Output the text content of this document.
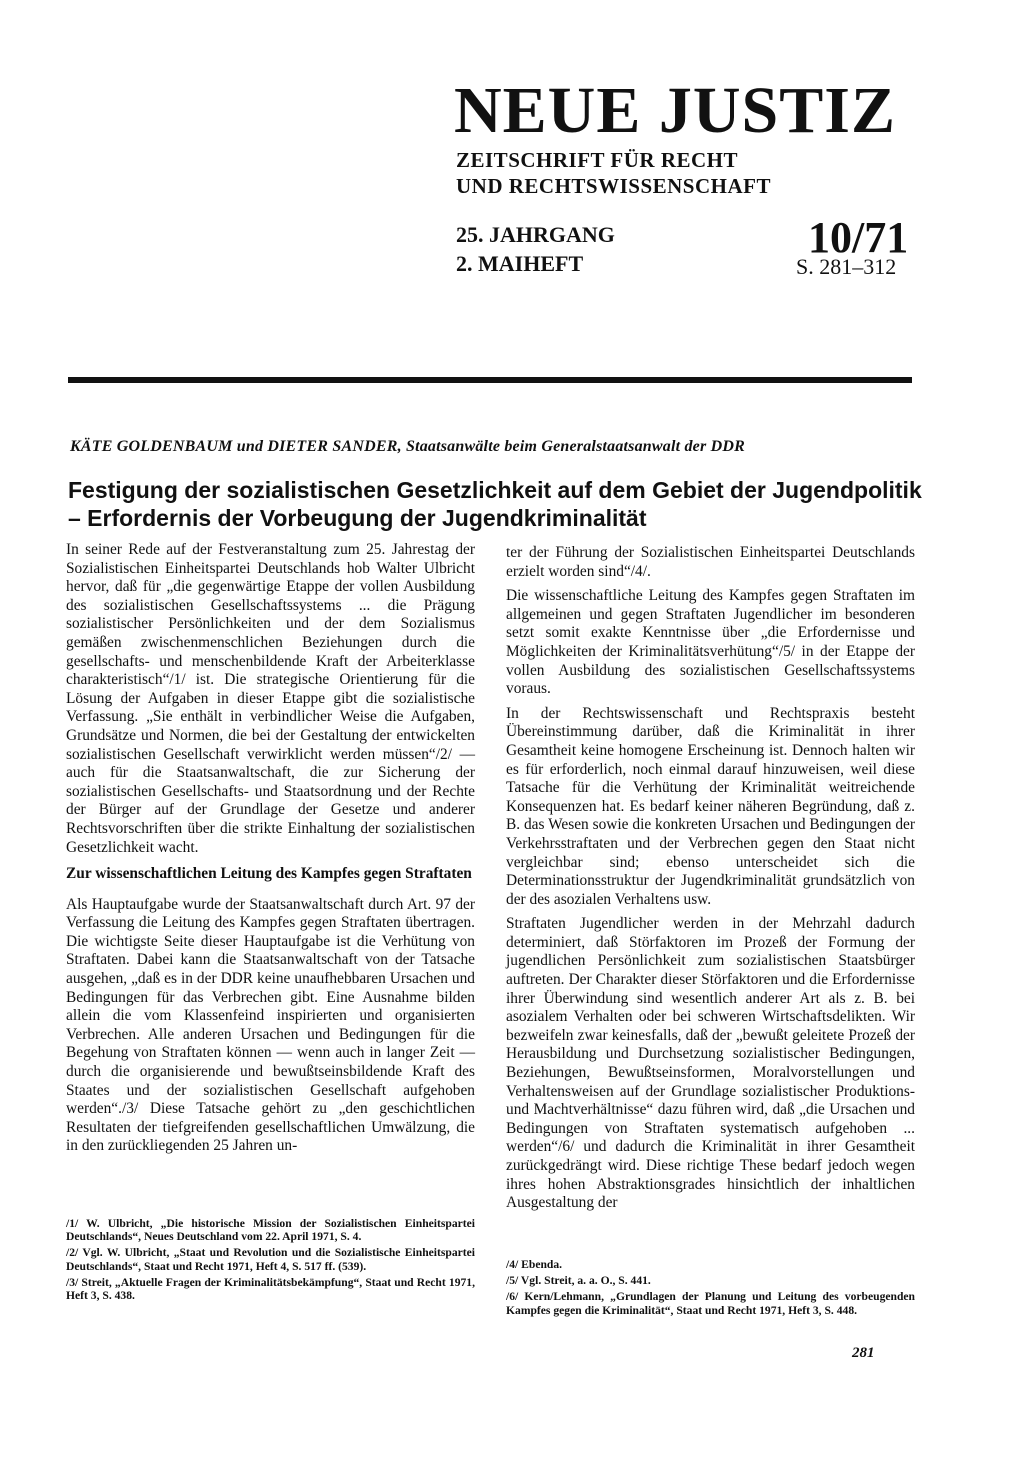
NEUE JUSTIZ
ZEITSCHRIFT FÜR RECHT
UND RECHTSWISSENSCHAFT
25. JAHRGANG
2. MAIHEFT
10/71
S. 281–312
KÄTE GOLDENBAUM und DIETER SANDER, Staatsanwälte beim Generalstaatsanwalt der DDR
Festigung der sozialistischen Gesetzlichkeit auf dem Gebiet der Jugendpolitik – Erfordernis der Vorbeugung der Jugendkriminalität

In seiner Rede auf der Festveranstaltung zum 25. Jahrestag der Sozialistischen Einheitspartei Deutschlands hob Walter Ulbricht hervor, daß für „die gegenwärtige Etappe der vollen Ausbildung des sozialistischen Gesellschaftssystems ... die Prägung sozialistischer Persönlichkeiten und der dem Sozialismus gemäßen zwischenmenschlichen Beziehungen durch die gesellschafts- und menschenbildende Kraft der Arbeiterklasse charakteristisch“/1/ ist. Die strategische Orientierung für die Lösung der Aufgaben in dieser Etappe gibt die sozialistische Verfassung. „Sie enthält in verbindlicher Weise die Aufgaben, Grundsätze und Normen, die bei der Gestaltung der entwickelten sozialistischen Gesellschaft verwirklicht werden müssen“/2/ — auch für die Staatsanwaltschaft, die zur Sicherung der sozialistischen Gesellschafts- und Staatsordnung und der Rechte der Bürger auf der Grundlage der Gesetze und anderer Rechtsvorschriften über die strikte Einhaltung der sozialistischen Gesetzlichkeit wacht.

Zur wissenschaftlichen Leitung des Kampfes gegen Straftaten

Als Hauptaufgabe wurde der Staatsanwaltschaft durch Art. 97 der Verfassung die Leitung des Kampfes gegen Straftaten übertragen. Die wichtigste Seite dieser Hauptaufgabe ist die Verhütung von Straftaten. Dabei kann die Staatsanwaltschaft von der Tatsache ausgehen, „daß es in der DDR keine unaufhebbaren Ursachen und Bedingungen für das Verbrechen gibt. Eine Ausnahme bilden allein die vom Klassenfeind inspirierten und organisierten Verbrechen. Alle anderen Ursachen und Bedingungen für die Begehung von Straftaten können — wenn auch in langer Zeit — durch die organisierende und bewußtseinsbildende Kraft des Staates und der sozialistischen Gesellschaft aufgehoben werden“./3/ Diese Tatsache gehört zu „den geschichtlichen Resultaten der tiefgreifenden gesellschaftlichen Umwälzung, die in den zurückliegenden 25 Jahren un-

ter der Führung der Sozialistischen Einheitspartei Deutschlands erzielt worden sind“/4/.

Die wissenschaftliche Leitung des Kampfes gegen Straftaten im allgemeinen und gegen Straftaten Jugendlicher im besonderen setzt somit exakte Kenntnisse über „die Erfordernisse und Möglichkeiten der Kriminalitätsverhütung“/5/ in der Etappe der vollen Ausbildung des sozialistischen Gesellschaftssystems voraus.

In der Rechtswissenschaft und Rechtspraxis besteht Übereinstimmung darüber, daß die Kriminalität in ihrer Gesamtheit keine homogene Erscheinung ist. Dennoch halten wir es für erforderlich, noch einmal darauf hinzuweisen, weil diese Tatsache für die Verhütung der Kriminalität weitreichende Konsequenzen hat. Es bedarf keiner näheren Begründung, daß z. B. das Wesen sowie die konkreten Ursachen und Bedingungen der Verkehrsstraftaten und der Verbrechen gegen den Staat nicht vergleichbar sind; ebenso unterscheidet sich die Determinationsstruktur der Jugendkriminalität grundsätzlich von der des asozialen Verhaltens usw.

Straftaten Jugendlicher werden in der Mehrzahl dadurch determiniert, daß Störfaktoren im Prozeß der Formung der jugendlichen Persönlichkeit zum sozialistischen Staatsbürger auftreten. Der Charakter dieser Störfaktoren und die Erfordernisse ihrer Überwindung sind wesentlich anderer Art als z. B. bei asozialem Verhalten oder bei schweren Wirtschaftsdelikten. Wir bezweifeln zwar keinesfalls, daß der „bewußt geleitete Prozeß der Herausbildung und Durchsetzung sozialistischer Bedingungen, Beziehungen, Bewußtseinsformen, Moralvorstellungen und Verhaltensweisen auf der Grundlage sozialistischer Produktions- und Machtverhältnisse“ dazu führen wird, daß „die Ursachen und Bedingungen von Straftaten systematisch aufgehoben ... werden“/6/ und dadurch die Kriminalität in ihrer Gesamtheit zurückgedrängt wird. Diese richtige These bedarf jedoch wegen ihres hohen Abstraktionsgrades hinsichtlich der inhaltlichen Ausgestaltung der

/1/ W. Ulbricht, „Die historische Mission der Sozialistischen Einheitspartei Deutschlands“, Neues Deutschland vom 22. April 1971, S. 4.

/2/ Vgl. W. Ulbricht, „Staat und Revolution und die Sozialistische Einheitspartei Deutschlands“, Staat und Recht 1971, Heft 4, S. 517 ff. (539).

/3/ Streit, „Aktuelle Fragen der Kriminalitätsbekämpfung“, Staat und Recht 1971, Heft 3, S. 438.

/4/ Ebenda.

/5/ Vgl. Streit, a. a. O., S. 441.

/6/ Kern/Lehmann, „Grundlagen der Planung und Leitung des vorbeugenden Kampfes gegen die Kriminalität“, Staat und Recht 1971, Heft 3, S. 448.

281
